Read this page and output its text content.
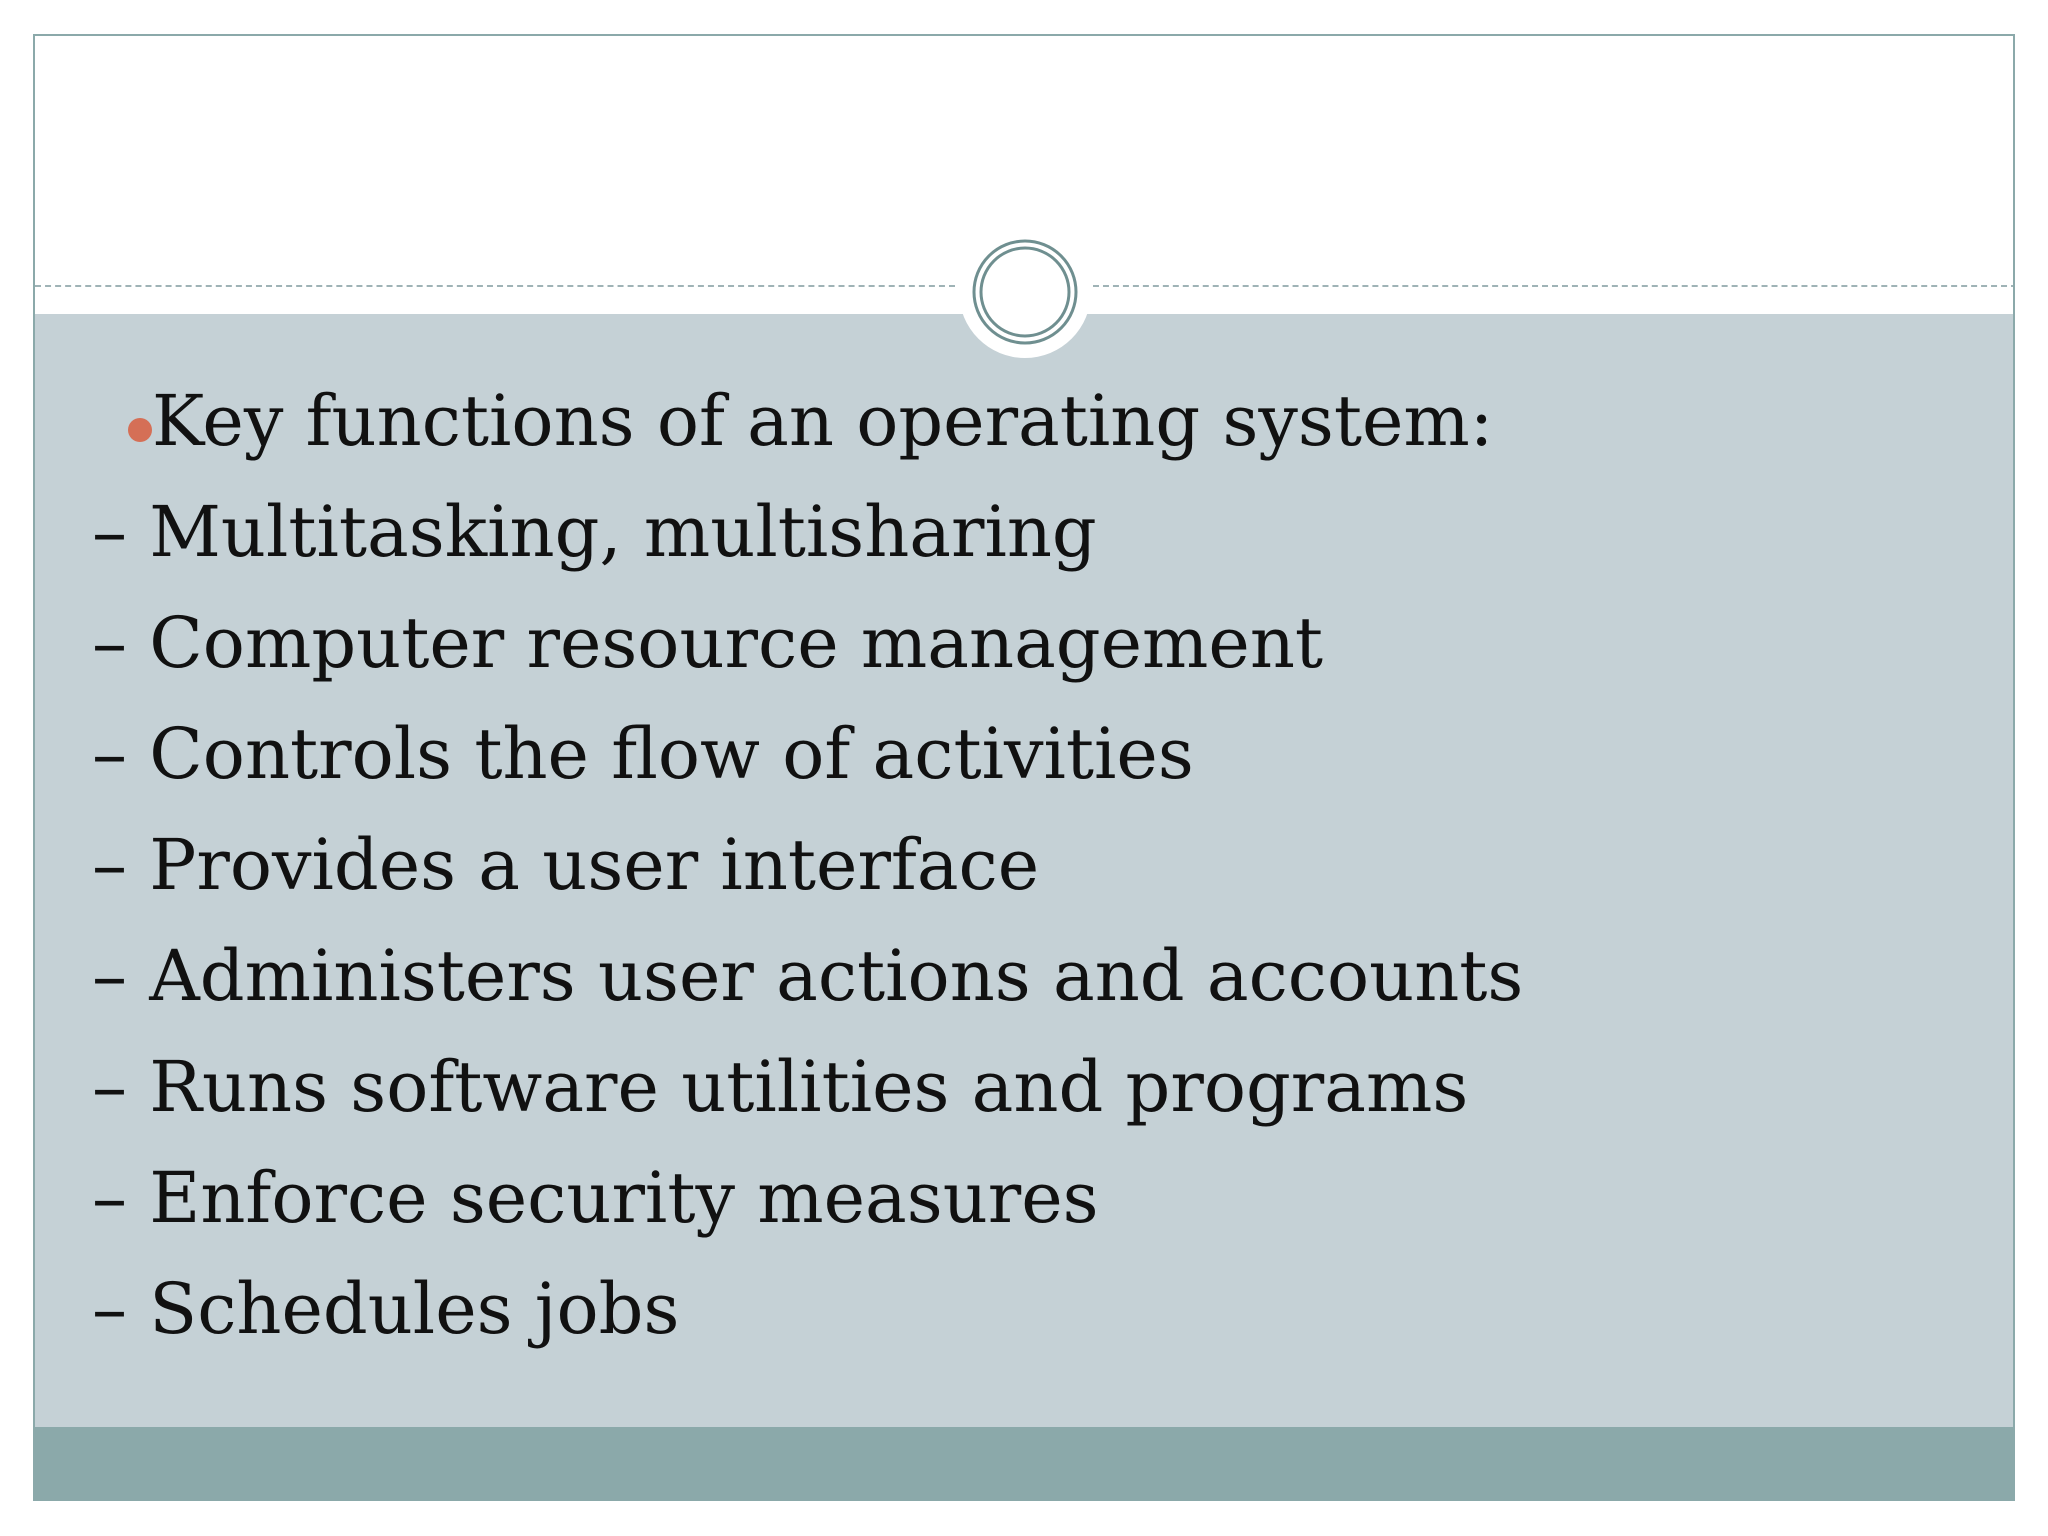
Key functions of an operating system:

– Multitasking, multisharing

– Computer resource management

– Controls the flow of activities

– Provides a user interface

– Administers user actions and accounts

– Runs software utilities and programs

– Enforce security measures

– Schedules jobs
